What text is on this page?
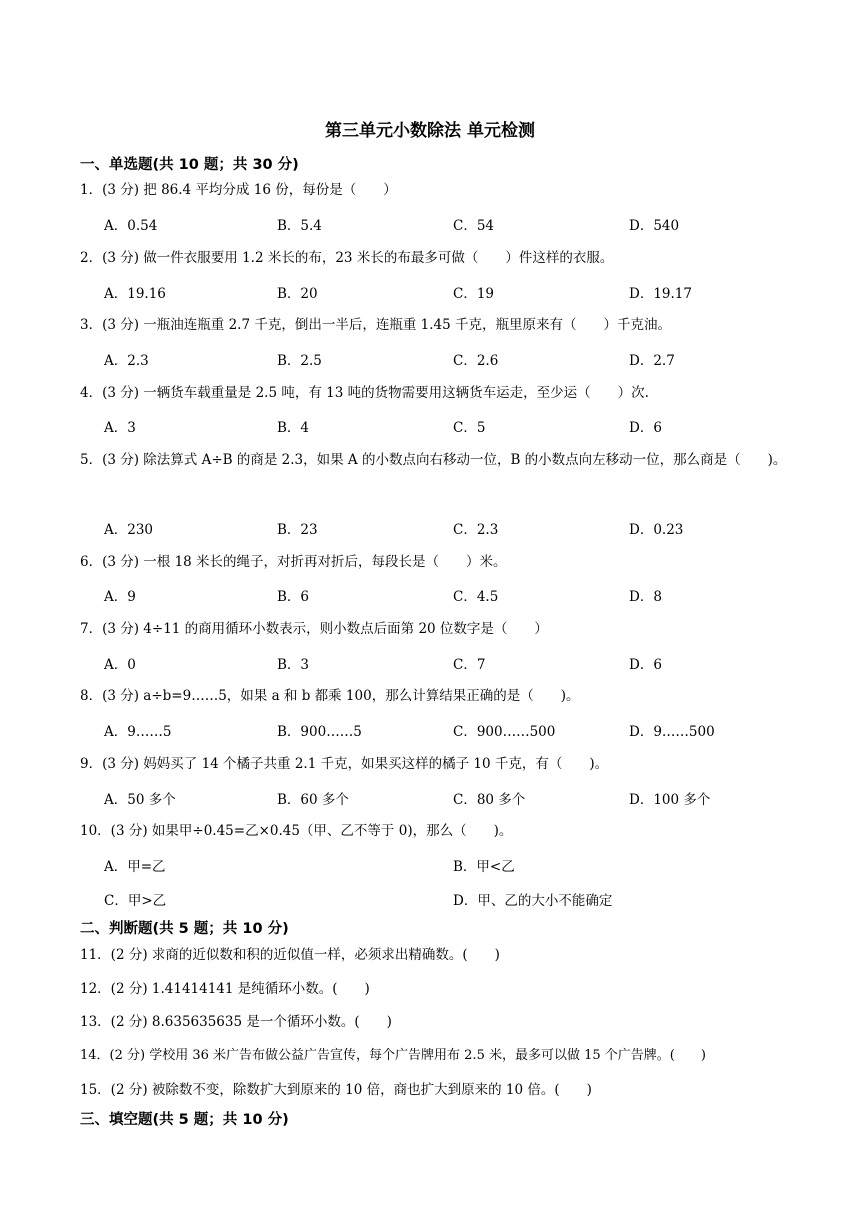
第三单元小数除法 单元检测
一、单选题(共 10 题；共 30 分)
1．(3 分) 把 86.4 平均分成 16 份，每份是（　　）
A．0.54	B．5.4	C．54	D．540
2．(3 分) 做一件衣服要用 1.2 米长的布，23 米长的布最多可做（　　）件这样的衣服。
A．19.16	B．20	C．19	D．19.17
3．(3 分) 一瓶油连瓶重 2.7 千克，倒出一半后，连瓶重 1.45 千克，瓶里原来有（　　）千克油。
A．2.3	B．2.5	C．2.6	D．2.7
4．(3 分) 一辆货车载重量是 2.5 吨，有 13 吨的货物需要用这辆货车运走，至少运（　　）次.
A．3	B．4	C．5	D．6
5．(3 分) 除法算式 A÷B 的商是 2.3，如果 A 的小数点向右移动一位，B 的小数点向左移动一位，那么商是（　　)。
A．230	B．23	C．2.3	D．0.23
6．(3 分) 一根 18 米长的绳子，对折再对折后，每段长是（　　）米。
A．9	B．6	C．4.5	D．8
7．(3 分) 4÷11 的商用循环小数表示，则小数点后面第 20 位数字是（　　）
A．0	B．3	C．7	D．6
8．(3 分) a÷b=9……5，如果 a 和 b 都乘 100，那么计算结果正确的是（　　)。
A．9……5	B．900……5	C．900……500	D．9……500
9．(3 分) 妈妈买了 14 个橘子共重 2.1 千克，如果买这样的橘子 10 千克，有（　　)。
A．50 多个	B．60 多个	C．80 多个	D．100 多个
10．(3 分) 如果甲÷0.45=乙×0.45（甲、乙不等于 0)，那么（　　)。
A．甲=乙	B．甲<乙
C．甲>乙	D．甲、乙的大小不能确定
二、判断题(共 5 题；共 10 分)
11．(2 分) 求商的近似数和积的近似值一样，必须求出精确数。(　　)
12．(2 分) 1.41414141 是纯循环小数。(　　)
13．(2 分) 8.635635635 是一个循环小数。(　　)
14．(2 分) 学校用 36 米广告布做公益广告宣传，每个广告牌用布 2.5 米，最多可以做 15 个广告牌。(　　)
15．(2 分) 被除数不变，除数扩大到原来的 10 倍，商也扩大到原来的 10 倍。(　　)
三、填空题(共 5 题；共 10 分)
